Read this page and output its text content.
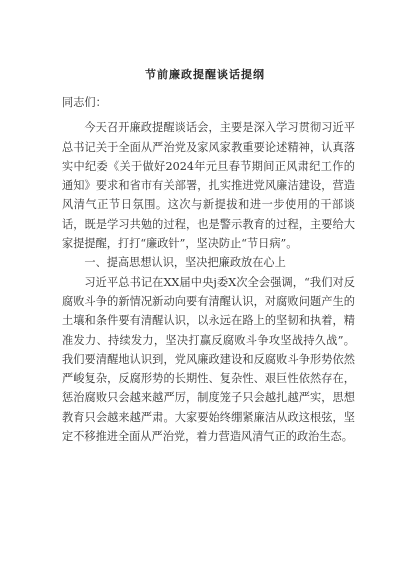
节前廉政提醒谈话提纲

同志们：

今天召开廉政提醒谈话会，主要是深入学习贯彻习近平总书记关于全面从严治党及家风家教重要论述精神，认真落实中纪委《关于做好2024年元旦春节期间正风肃纪工作的通知》要求和省市有关部署，扎实推进党风廉洁建设，营造风清气正节日氛围。这次与新提拔和进一步使用的干部谈话，既是学习共勉的过程，也是警示教育的过程，主要给大家提提醒，打打“廉政针”，坚决防止“节日病”。

一、提高思想认识，坚决把廉政放在心上

习近平总书记在XX届中央j委X次全会强调，“我们对反腐败斗争的新情况新动向要有清醒认识，对腐败问题产生的土壤和条件要有清醒认识，以永远在路上的坚韧和执着，精准发力、持续发力，坚决打赢反腐败斗争攻坚战持久战”。我们要清醒地认识到，党风廉政建设和反腐败斗争形势依然严峻复杂，反腐形势的长期性、复杂性、艰巨性依然存在，惩治腐败只会越来越严厉，制度笼子只会越扎越严实，思想教育只会越来越严肃。大家要始终绷紧廉洁从政这根弦，坚定不移推进全面从严治党，着力营造风清气正的政治生态。
